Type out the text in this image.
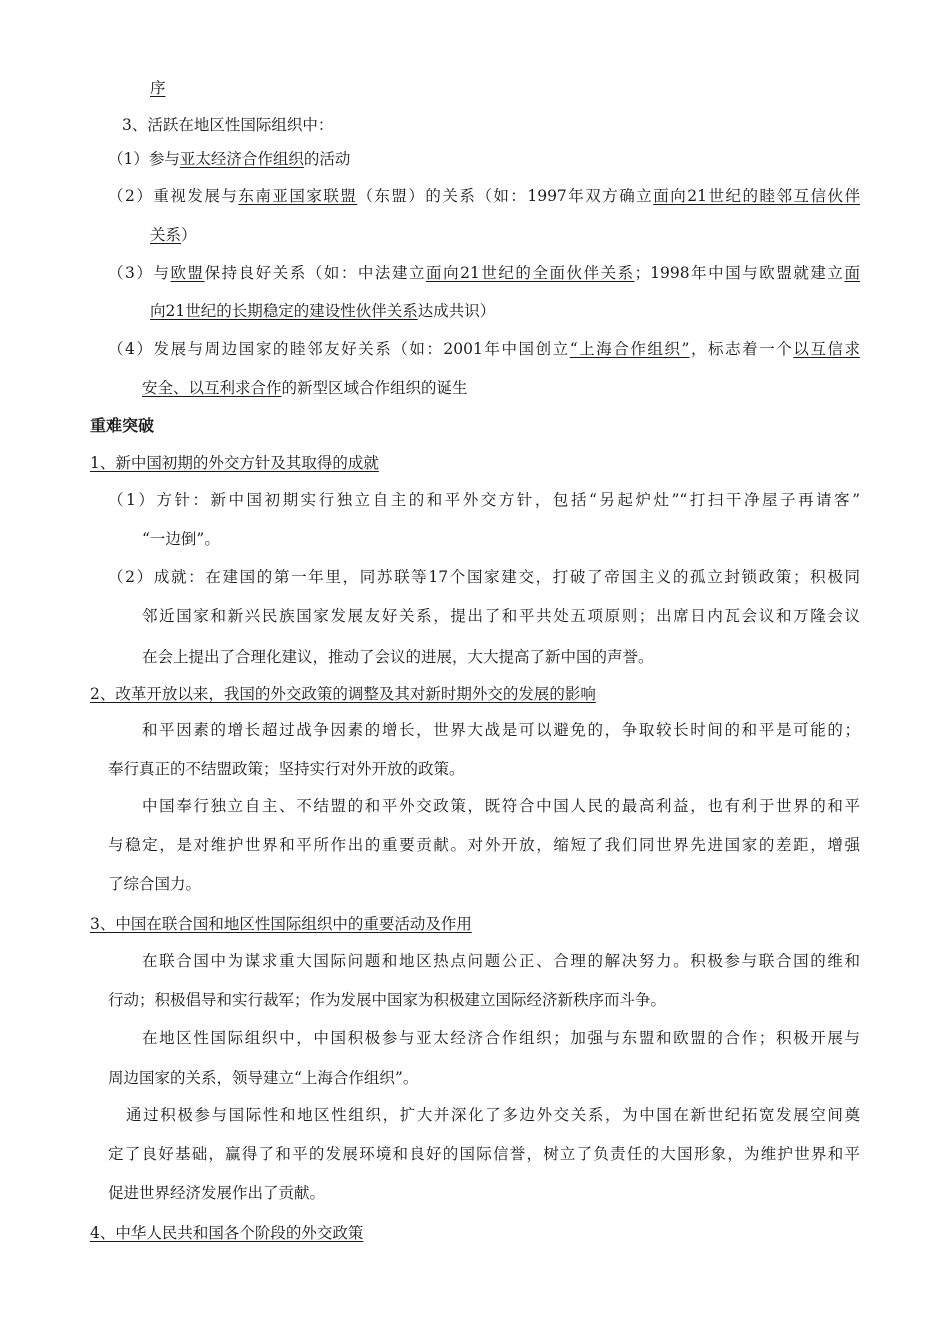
序
3、活跃在地区性国际组织中：
（1）参与亚太经济合作组织的活动
（2）重视发展与东南亚国家联盟（东盟）的关系（如：1997年双方确立面向21世纪的睦邻互信伙伴
关系）
（3）与欧盟保持良好关系（如：中法建立面向21世纪的全面伙伴关系；1998年中国与欧盟就建立面
向21世纪的长期稳定的建设性伙伴关系达成共识）
（4）发展与周边国家的睦邻友好关系（如：2001年中国创立“上海合作组织”，标志着一个以互信求
安全、以互利求合作的新型区域合作组织的诞生
重难突破
1、新中国初期的外交方针及其取得的成就
（1）方针：新中国初期实行独立自主的和平外交方针，包括“另起炉灶”“打扫干净屋子再请客”
“一边倒”。
（2）成就：在建国的第一年里，同苏联等17个国家建交，打破了帝国主义的孤立封锁政策；积极同
邻近国家和新兴民族国家发展友好关系，提出了和平共处五项原则；出席日内瓦会议和万隆会议
在会上提出了合理化建议，推动了会议的进展，大大提高了新中国的声誉。
2、改革开放以来，我国的外交政策的调整及其对新时期外交的发展的影响
和平因素的增长超过战争因素的增长，世界大战是可以避免的，争取较长时间的和平是可能的；
奉行真正的不结盟政策；坚持实行对外开放的政策。
中国奉行独立自主、不结盟的和平外交政策，既符合中国人民的最高利益，也有利于世界的和平
与稳定，是对维护世界和平所作出的重要贡献。对外开放，缩短了我们同世界先进国家的差距，增强
了综合国力。
3、中国在联合国和地区性国际组织中的重要活动及作用
在联合国中为谋求重大国际问题和地区热点问题公正、合理的解决努力。积极参与联合国的维和
行动；积极倡导和实行裁军；作为发展中国家为积极建立国际经济新秩序而斗争。
在地区性国际组织中，中国积极参与亚太经济合作组织；加强与东盟和欧盟的合作；积极开展与
周边国家的关系，领导建立“上海合作组织”。
通过积极参与国际性和地区性组织，扩大并深化了多边外交关系，为中国在新世纪拓宽发展空间奠
定了良好基础，赢得了和平的发展环境和良好的国际信誉，树立了负责任的大国形象，为维护世界和平
促进世界经济发展作出了贡献。
4、中华人民共和国各个阶段的外交政策
